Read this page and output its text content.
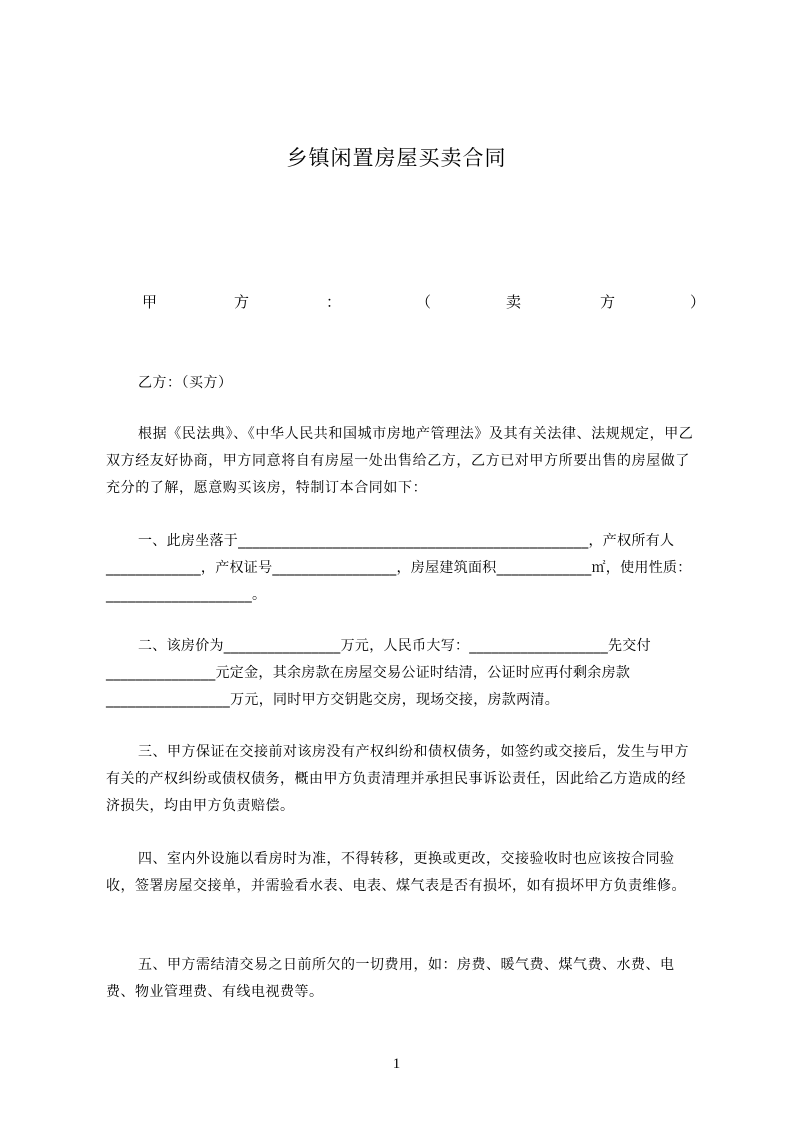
乡镇闲置房屋买卖合同
甲	方	：	（	卖	方	）
乙方：（买方）

根据《民法典》、《中华人民共和国城市房地产管理法》及其有关法律、法规规定，甲乙双方经友好协商，甲方同意将自有房屋一处出售给乙方，乙方已对甲方所要出售的房屋做了充分的了解，愿意购买该房，特制订本合同如下：

一、此房坐落于________________________________________________，产权所有人_____________，产权证号_________________，房屋建筑面积_____________㎡，使用性质：____________________。

二、该房价为________________万元，人民币大写：___________________先交付_______________元定金，其余房款在房屋交易公证时结清，公证时应再付剩余房款_________________万元，同时甲方交钥匙交房，现场交接，房款两清。

三、甲方保证在交接前对该房没有产权纠纷和债权债务，如签约或交接后，发生与甲方有关的产权纠纷或债权债务，概由甲方负责清理并承担民事诉讼责任，因此给乙方造成的经济损失，均由甲方负责赔偿。

四、室内外设施以看房时为准，不得转移，更换或更改，交接验收时也应该按合同验收，签署房屋交接单，并需验看水表、电表、煤气表是否有损坏，如有损坏甲方负责维修。

五、甲方需结清交易之日前所欠的一切费用，如：房费、暖气费、煤气费、水费、电费、物业管理费、有线电视费等。

1
